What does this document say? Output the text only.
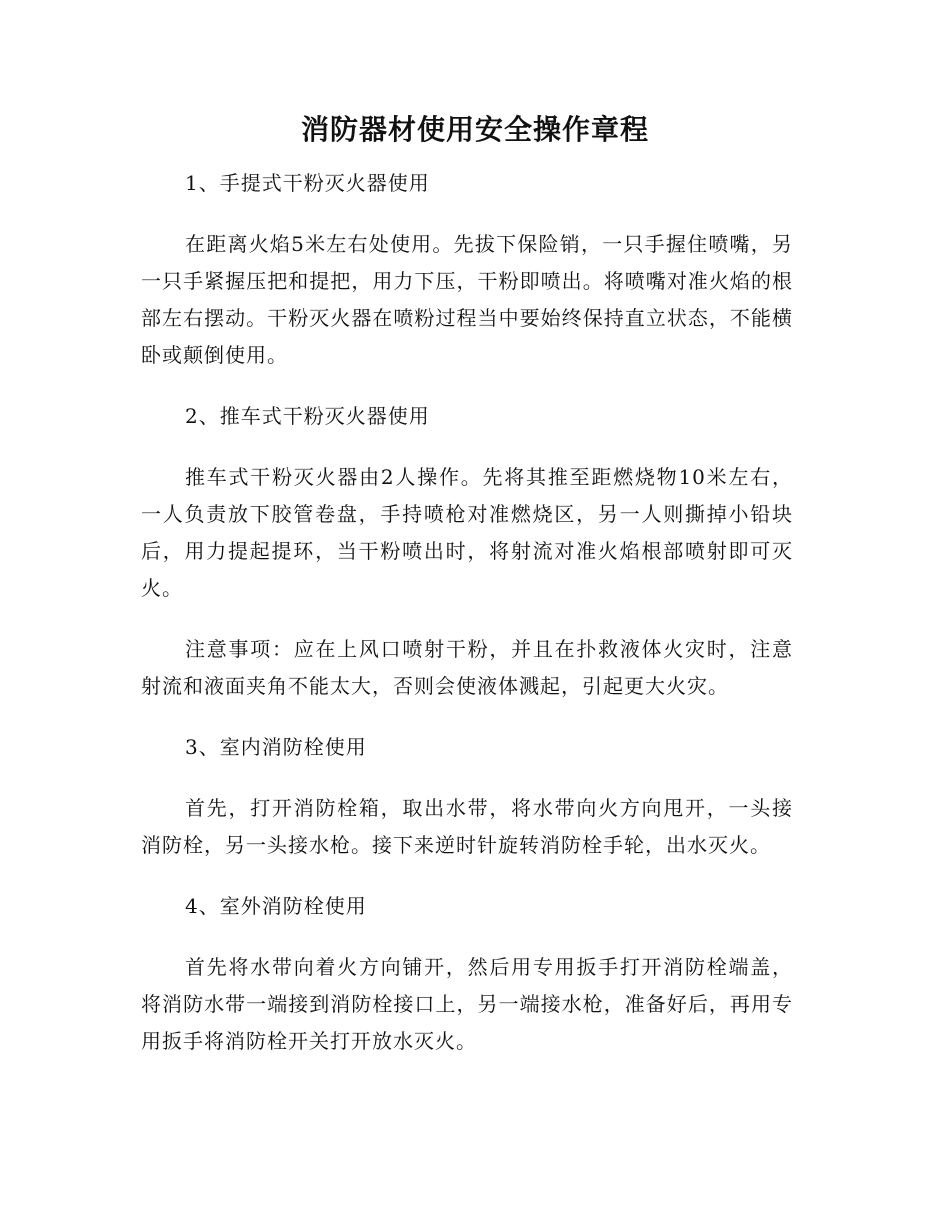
消防器材使用安全操作章程
1、手提式干粉灭火器使用
在距离火焰5米左右处使用。先拔下保险销，一只手握住喷嘴，另一只手紧握压把和提把，用力下压，干粉即喷出。将喷嘴对准火焰的根部左右摆动。干粉灭火器在喷粉过程当中要始终保持直立状态，不能横卧或颠倒使用。
2、推车式干粉灭火器使用
推车式干粉灭火器由2人操作。先将其推至距燃烧物10米左右，一人负责放下胶管卷盘，手持喷枪对准燃烧区，另一人则撕掉小铅块后，用力提起提环，当干粉喷出时，将射流对准火焰根部喷射即可灭火。
注意事项：应在上风口喷射干粉，并且在扑救液体火灾时，注意射流和液面夹角不能太大，否则会使液体溅起，引起更大火灾。
3、室内消防栓使用
首先，打开消防栓箱，取出水带，将水带向火方向甩开，一头接消防栓，另一头接水枪。接下来逆时针旋转消防栓手轮，出水灭火。
4、室外消防栓使用
首先将水带向着火方向铺开，然后用专用扳手打开消防栓端盖，将消防水带一端接到消防栓接口上，另一端接水枪，准备好后，再用专用扳手将消防栓开关打开放水灭火。
